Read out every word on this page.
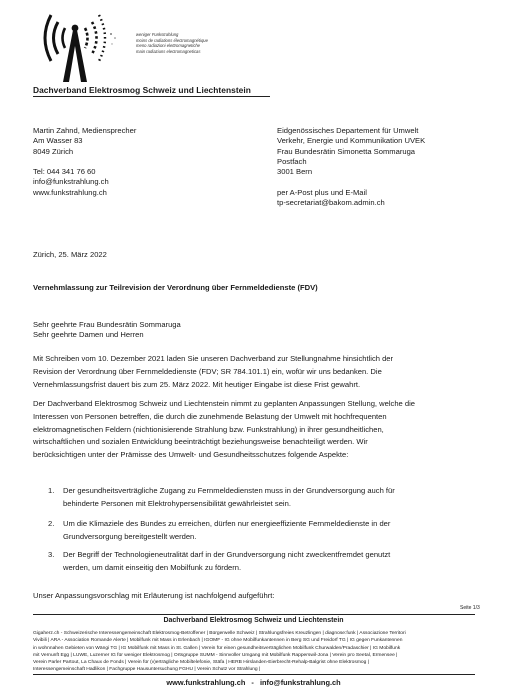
weniger Funkstrahlung
moins de radiations électromagnétique
meno radiazioni elettromagnetiche
main radiaziuns electromagneticas
Dachverband Elektrosmog Schweiz und Liechtenstein
Martin Zahnd, Mediensprecher
Am Wasser 83
8049 Zürich
Tel: 044 341 76 60
info@funkstrahlung.ch
www.funkstrahlung.ch
Eidgenössisches Departement für Umwelt
Verkehr, Energie und Kommunikation UVEK
Frau Bundesrätin Simonetta Sommaruga
Postfach
3001 Bern
per A-Post plus und E-Mail
tp-secretariat@bakom.admin.ch
Zürich, 25. März 2022
Vernehmlassung zur Teilrevision der Verordnung über Fernmeldedienste (FDV)
Sehr geehrte Frau Bundesrätin Sommaruga
Sehr geehrte Damen und Herren
Mit Schreiben vom 10. Dezember 2021 laden Sie unseren Dachverband zur Stellungnahme hinsichtlich der
Revision der Verordnung über Fernmeldedienste (FDV; SR 784.101.1) ein, wofür wir uns bedanken. Die
Vernehmlassungsfrist dauert bis zum 25. März 2022. Mit heutiger Eingabe ist diese Frist gewahrt.
Der Dachverband Elektrosmog Schweiz und Liechtenstein nimmt zu geplanten Anpassungen Stellung, welche die
Interessen von Personen betreffen, die durch die zunehmende Belastung der Umwelt mit hochfrequenten
elektromagnetischen Feldern (nichtionisierende Strahlung bzw. Funkstrahlung) in ihrer gesundheitlichen,
wirtschaftlichen und sozialen Entwicklung beeinträchtigt beziehungsweise benachteiligt werden. Wir
berücksichtigen unter der Prämisse des Umwelt- und Gesundheitsschutzes folgende Aspekte:
1. Der gesundheitsverträgliche Zugang zu Fernmeldediensten muss in der Grundversorgung auch für
behinderte Personen mit Elektrohypersensibilität gewährleistet sein.
2. Um die Klimaziele des Bundes zu erreichen, dürfen nur energieeffiziente Fernmeldedienste in der
Grundversorgung bereitgestellt werden.
3. Der Begriff der Technologieneutralität darf in der Grundversorgung nicht zweckentfremdet genutzt
werden, um damit einseitig den Mobilfunk zu fördern.
Unser Anpassungsvorschlag mit Erläuterung ist nachfolgend aufgeführt:
Seite 1/3
Dachverband Elektrosmog Schweiz und Liechtenstein
Gigaherz.ch - Schweizerische Interessengemeinschaft Elektrosmog-Betroffener | Bürgerwelle Schweiz | Strahlungsfreies Kreuzlingen | diagnose:funk | Associazione Territori
Vivibili | ARA - Association Romande Alerte | Mobilfunk mit Mass in Erlenbach | IGOMF - IG ohne Mobilfunkantennen in Berg SG und Freidorf TG | IG gegen Funkantennen
in wohnnahen Gebieten von Wängi TG | IG Mobilfunk mit Mass in St. Gallen | Verein für einen gesundheitsverträglichen Mobilfunk Churwalden/Pradaschier | IG Mobilfunk
mit Vernunft Egg | LUWE, Luzerner IG für weniger Elektrosmog | Ortsgruppe SUMM - Sinnvoller Umgang mit Mobilfunk Rapperswil-Jona | Verein pro Seetal, Ermensee |
Verein Parler Partout, La Chaux de Fonds | Verein für (v)erträgliche Mobiltelefonie, Stäfa | HERB Hirslanden-Eierbrecht-Rehalp-Balgrist ohne Elektrosmog |
Interessengemeinschaft Hadlikon | Fachgruppe Hausuntersuchung FGHU | Verein Schutz vor Strahlung |
www.funkstrahlung.ch - info@funkstrahlung.ch
